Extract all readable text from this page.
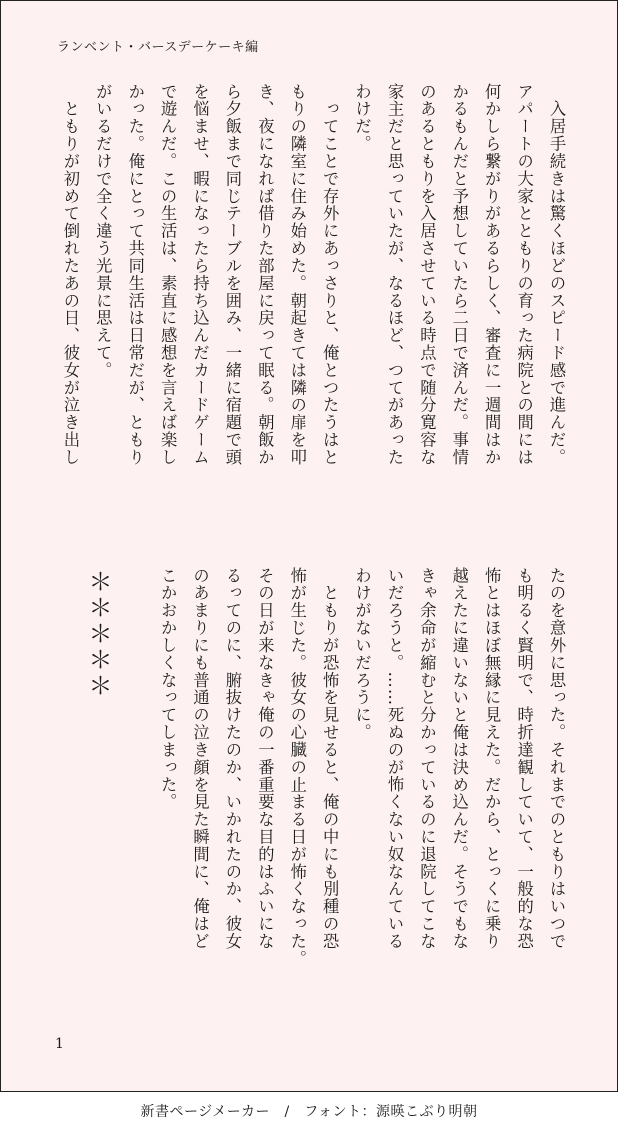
ランベント・バースデーケーキ編
　入居手続きは驚くほどのスピード感で進んだ。
アパートの大家とともりの育った病院との間には
何かしら繋がりがあるらしく、審査に一週間はか
かるもんだと予想していたら二日で済んだ。事情
のあるともりを入居させている時点で随分寛容な
家主だと思っていたが、なるほど、つてがあった
わけだ。
　ってことで存外にあっさりと、俺とつたうはと
もりの隣室に住み始めた。朝起きては隣の扉を叩
き、夜になれば借りた部屋に戻って眠る。朝飯か
ら夕飯まで同じテーブルを囲み、一緒に宿題で頭
を悩ませ、暇になったら持ち込んだカードゲーム
で遊んだ。この生活は、素直に感想を言えば楽し
かった。俺にとって共同生活は日常だが、ともり
がいるだけで全く違う光景に思えて。
　ともりが初めて倒れたあの日、彼女が泣き出し
たのを意外に思った。それまでのともりはいつで
も明るく賢明で、時折達観していて、一般的な恐
怖とはほぼ無縁に見えた。だから、とっくに乗り
越えたに違いないと俺は決め込んだ。そうでもな
きゃ余命が縮むと分かっているのに退院してこな
いだろうと。……死ぬのが怖くない奴なんている
わけがないだろうに。
　ともりが恐怖を見せると、俺の中にも別種の恐
怖が生じた。彼女の心臓の止まる日が怖くなった。
その日が来なきゃ俺の一番重要な目的はふいにな
るってのに、腑抜けたのか、いかれたのか、彼女
のあまりにも普通の泣き顔を見た瞬間に、俺はど
こかおかしくなってしまった。
＊＊＊＊＊
1
新書ページメーカー　/　フォント：源暎こぶり明朝
